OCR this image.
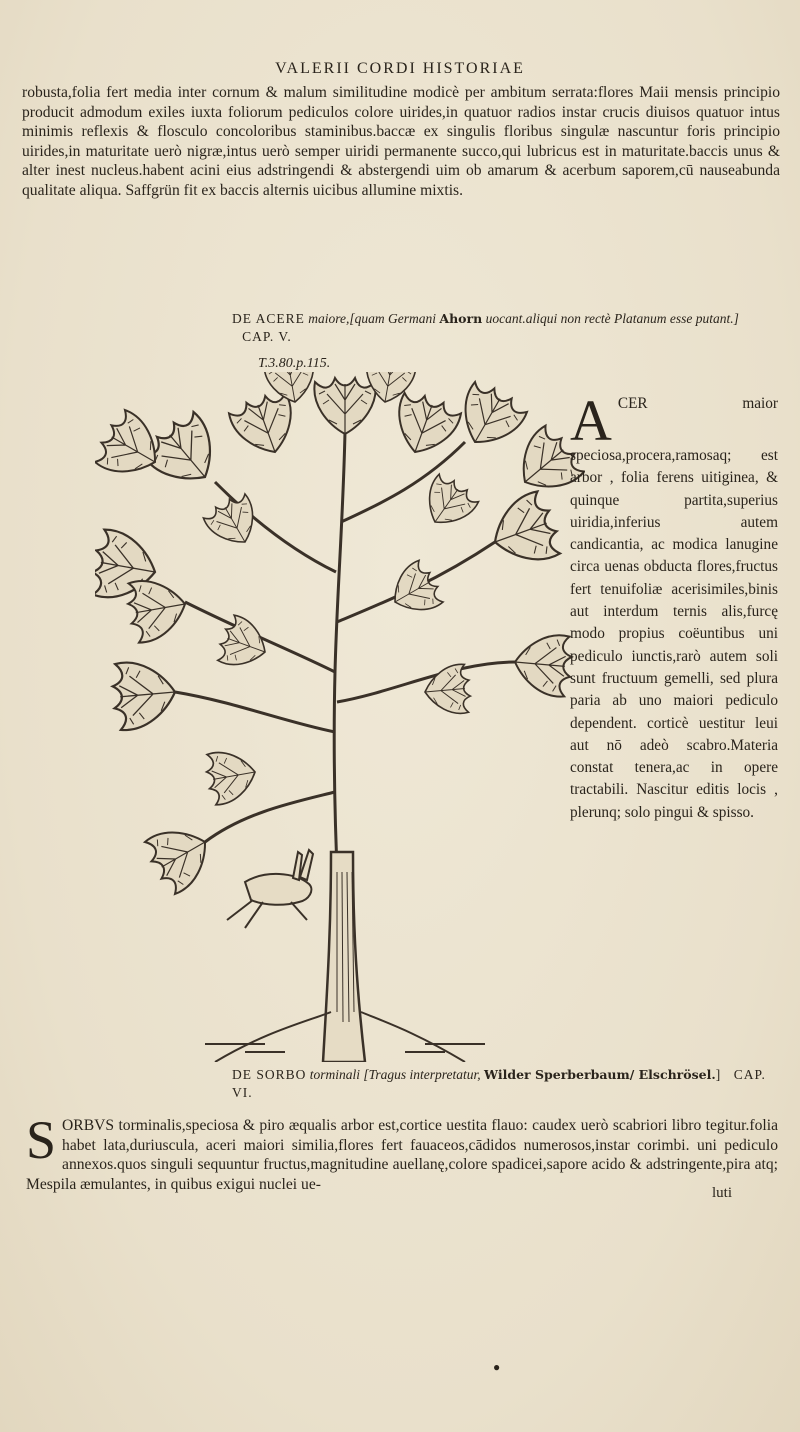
VALERII CORDI HISTORIAE

robusta,folia fert media inter cornum & malum similitudine modicè per ambitum serrata:flores Maii mensis principio producit admodum exiles iuxta foliorum pediculos colore uirides,in quatuor radios instar crucis diuisos quatuor intus minimis reflexis & flosculo concoloribus staminibus.baccæ ex singulis floribus singulæ nascuntur foris principio uirides,in maturitate uerò nigræ,intus uerò semper uiridi permanente succo,qui lubricus est in maturitate.baccis unus & alter inest nucleus.habent acini eius adstringendi & abstergendi uim ob amarum & acerbum saporem,cū nauseabunda qualitate aliqua. Saffgrün fit ex baccis alternis uicibus allumine mixtis.

DE ACERE maiore,[quam Germani Ahorn uocant.aliqui non rectè Platanum esse putant.]    CAP. V.

T.3.80.p.115.

ACER	maior speciosa,procera,ramosaq; est arbor , folia ferens uitiginea, & quinque partita,superius uiridia,inferius autem candicantia, ac modica lanugine circa uenas obducta flores,fructus fert tenuifoliæ acerisimiles,binis aut interdum ternis alis,furcę modo propius coëuntibus uni pediculo iunctis,rarò autem soli sunt fructuum gemelli, sed plura paria ab uno maiori pediculo dependent. corticè uestitur leui aut nō adeò scabro.Materia constat tenera,ac in opere tractabili. Nascitur editis locis , plerunq; solo pingui & spisso.

DE SORBO torminali [Tragus interpretatur, Wilder Sperberbaum/ Elschrösel.] CAP. VI.

SORBVS torminalis,speciosa & piro æqualis arbor est,cortice uestita flauo: caudex uerò scabriori libro tegitur.folia habet lata,duriuscula, aceri maiori similia,flores fert fauaceos,cādidos numerosos,instar corimbi. uni pediculo annexos.quos singuli sequuntur fructus,magnitudine auellanę,colore spadicei,sapore acido & adstringente,pira atq; Mespila æmulantes, in quibus exigui nuclei ue-

luti
●
